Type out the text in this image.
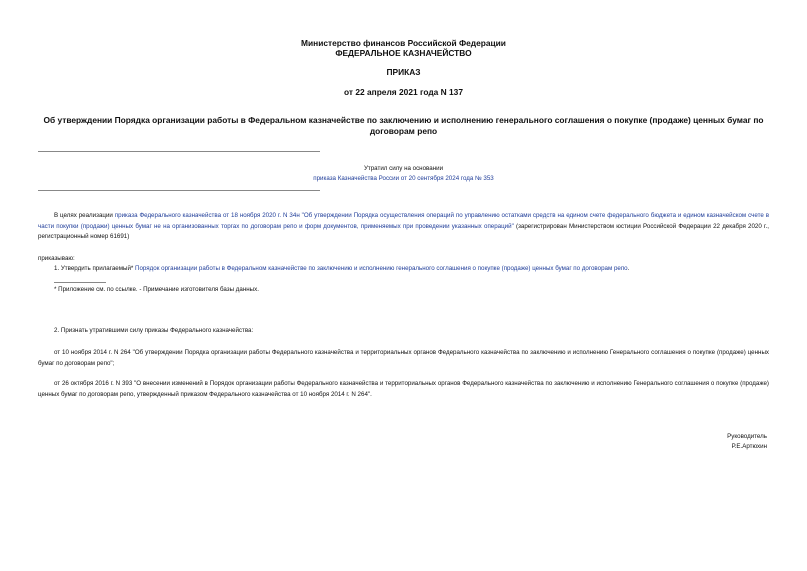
Министерство финансов Российской Федерации
ФЕДЕРАЛЬНОЕ КАЗНАЧЕЙСТВО
ПРИКАЗ
от 22 апреля 2021 года N 137
Об утверждении Порядка организации работы в Федеральном казначействе по заключению и исполнению генерального соглашения о покупке (продаже) ценных бумаг по договорам репо
Утратил силу на основании
приказа Казначейства России от 20 сентября 2024 года № 353
В целях реализации приказа Федерального казначейства от 18 ноября 2020 г. N 34н "Об утверждении Порядка осуществления операций по управлению остатками средств на едином счете федерального бюджета и едином казначейском счете в части покупки (продажи) ценных бумаг не на организованных торгах по договорам репо и форм документов, применяемых при проведении указанных операций" (зарегистрирован Министерством юстиции Российской Федерации 22 декабря 2020 г., регистрационный номер 61691)
приказываю:
1. Утвердить прилагаемый* Порядок организации работы в Федеральном казначействе по заключению и исполнению генерального соглашения о покупке (продаже) ценных бумаг по договорам репо.
* Приложение см. по ссылке. - Примечание изготовителя базы данных.
2. Признать утратившими силу приказы Федерального казначейства:
от 10 ноября 2014 г. N 264 "Об утверждении Порядка организации работы Федерального казначейства и территориальных органов Федерального казначейства по заключению и исполнению Генерального соглашения о покупке (продаже) ценных бумаг по договорам репо";
от 26 октября 2016 г. N 393 "О внесении изменений в Порядок организации работы Федерального казначейства и территориальных органов Федерального казначейства по заключению и исполнению Генерального соглашения о покупке (продаже) ценных бумаг по договорам репо, утвержденный приказом Федерального казначейства от 10 ноября 2014 г. N 264".
Руководитель
Р.Е.Артюхин
